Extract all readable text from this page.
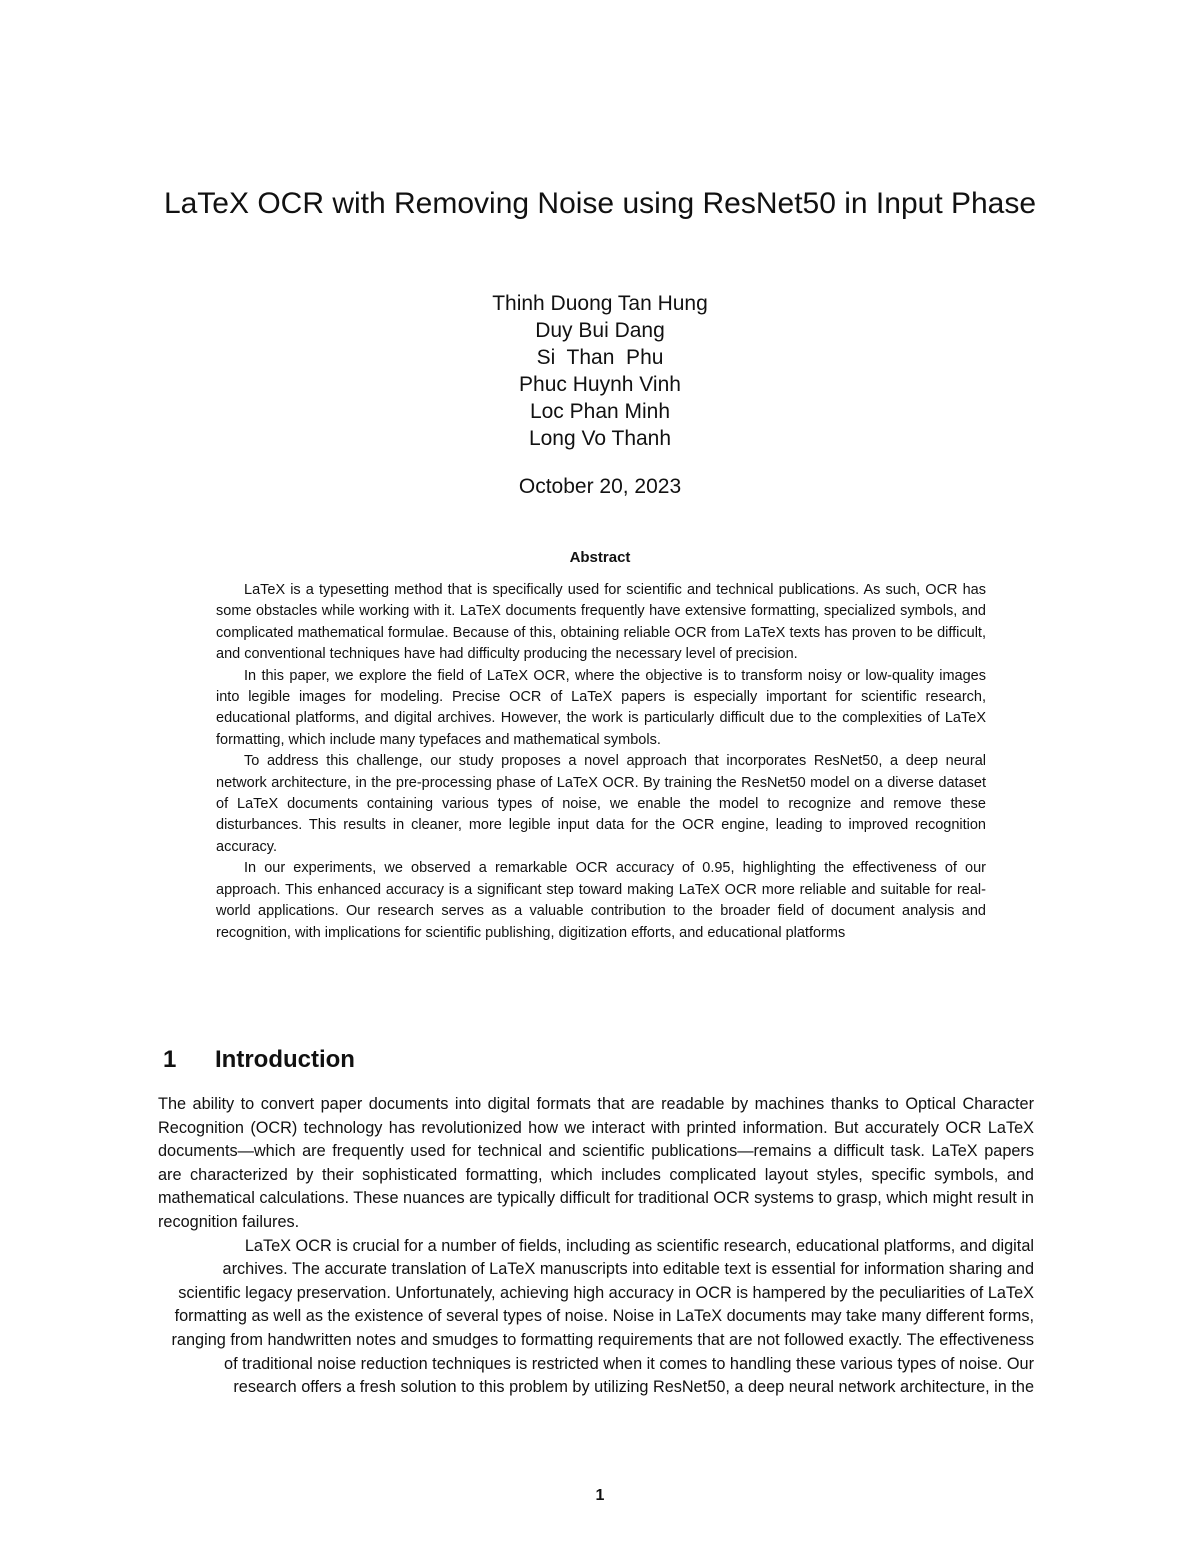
LaTeX OCR with Removing Noise using ResNet50 in Input Phase
Thinh Duong Tan Hung
Duy Bui Dang
Si  Than  Phu
Phuc Huynh Vinh
Loc Phan Minh
Long Vo Thanh
October 20, 2023
Abstract

LaTeX is a typesetting method that is specifically used for scientific and technical publications. As such, OCR has some obstacles while working with it. LaTeX documents frequently have extensive formatting, specialized symbols, and complicated mathematical formulae. Because of this, obtaining reliable OCR from LaTeX texts has proven to be difficult, and conventional techniques have had difficulty producing the necessary level of precision.

In this paper, we explore the field of LaTeX OCR, where the objective is to transform noisy or low-quality images into legible images for modeling. Precise OCR of LaTeX papers is especially important for scientific research, educational platforms, and digital archives. However, the work is particularly difficult due to the complexities of LaTeX formatting, which include many typefaces and mathematical symbols.

To address this challenge, our study proposes a novel approach that incorporates ResNet50, a deep neural network architecture, in the pre-processing phase of LaTeX OCR. By training the ResNet50 model on a diverse dataset of LaTeX documents containing various types of noise, we enable the model to recognize and remove these disturbances. This results in cleaner, more legible input data for the OCR engine, leading to improved recognition accuracy.

In our experiments, we observed a remarkable OCR accuracy of 0.95, highlighting the effectiveness of our approach. This enhanced accuracy is a significant step toward making LaTeX OCR more reliable and suitable for real-world applications. Our research serves as a valuable contribution to the broader field of document analysis and recognition, with implications for scientific publishing, digitization efforts, and educational platforms

1 Introduction

The ability to convert paper documents into digital formats that are readable by machines thanks to Optical Character Recognition (OCR) technology has revolutionized how we interact with printed information. But accurately OCR LaTeX documents—which are frequently used for technical and scientific publications—remains a difficult task. LaTeX papers are characterized by their sophisticated formatting, which includes complicated layout styles, specific symbols, and mathematical calculations. These nuances are typically difficult for traditional OCR systems to grasp, which might result in recognition failures.

LaTeX OCR is crucial for a number of fields, including as scientific research, educational platforms, and digital archives. The accurate translation of LaTeX manuscripts into editable text is essential for information sharing and scientific legacy preservation. Unfortunately, achieving high accuracy in OCR is hampered by the peculiarities of LaTeX formatting as well as the existence of several types of noise. Noise in LaTeX documents may take many different forms, ranging from handwritten notes and smudges to formatting requirements that are not followed exactly. The effectiveness of traditional noise reduction techniques is restricted when it comes to handling these various types of noise. Our research offers a fresh solution to this problem by utilizing ResNet50, a deep neural network architecture, in the

1
